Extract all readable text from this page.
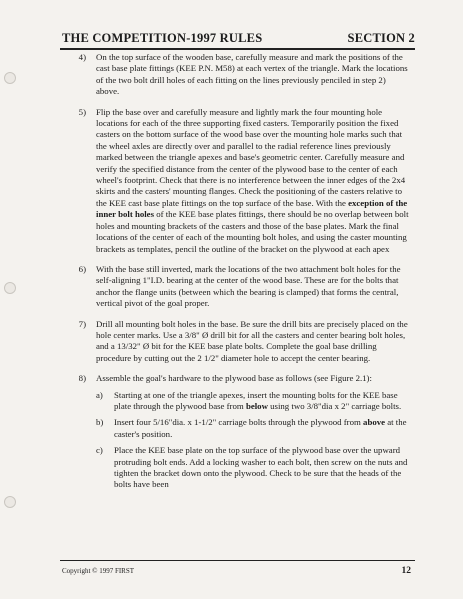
THE COMPETITION-1997 RULES	SECTION 2
4)	On the top surface of the wooden base, carefully measure and mark the positions of the cast base plate fittings (KEE P.N. M58) at each vertex of the triangle. Mark the locations of the two bolt drill holes of each fitting on the lines previously penciled in step 2) above.
5)	Flip the base over and carefully measure and lightly mark the four mounting hole locations for each of the three supporting fixed casters. Temporarily position the fixed casters on the bottom surface of the wood base over the mounting hole marks such that the wheel axles are directly over and parallel to the radial reference lines previously marked between the triangle apexes and base's geometric center. Carefully measure and verify the specified distance from the center of the plywood base to the center of each wheel's footprint. Check that there is no interference between the inner edges of the 2x4 skirts and the casters' mounting flanges. Check the positioning of the casters relative to the KEE cast base plate fittings on the top surface of the base. With the exception of the inner bolt holes of the KEE base plates fittings, there should be no overlap between bolt holes and mounting brackets of the casters and those of the base plates. Mark the final locations of the center of each of the mounting bolt holes, and using the caster mounting brackets as templates, pencil the outline of the bracket on the plywood at each apex
6)	With the base still inverted, mark the locations of the two attachment bolt holes for the self-aligning 1"I.D. bearing at the center of the wood base. These are for the bolts that anchor the flange units (between which the bearing is clamped) that forms the central, vertical pivot of the goal proper.
7)	Drill all mounting bolt holes in the base. Be sure the drill bits are precisely placed on the hole center marks. Use a 3/8" Ø drill bit for all the casters and center bearing bolt holes, and a 13/32" Ø bit for the KEE base plate bolts. Complete the goal base drilling procedure by cutting out the 2 1/2" diameter hole to accept the center bearing.
8)	Assemble the goal's hardware to the plywood base as follows (see Figure 2.1):
a)	Starting at one of the triangle apexes, insert the mounting bolts for the KEE base plate through the plywood base from below using two 3/8"dia x 2" carriage bolts.
b)	Insert four 5/16"dia. x 1-1/2" carriage bolts through the plywood from above at the caster's position.
c)	Place the KEE base plate on the top surface of the plywood base over the upward protruding bolt ends. Add a locking washer to each bolt, then screw on the nuts and tighten the bracket down onto the plywood. Check to be sure that the heads of the bolts have been
Copyright © 1997 FIRST	12
